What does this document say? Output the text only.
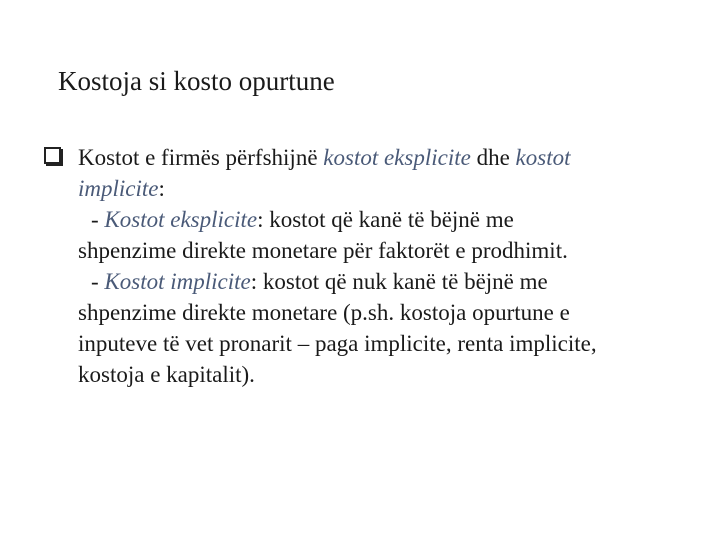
Kostoja si kosto opurtune
Kostot e firmës përfshijnë kostot eksplicite dhe kostot
implicite:
- Kostot eksplicite: kostot që kanë të bëjnë me
shpenzime direkte monetare për faktorët e prodhimit.
- Kostot implicite: kostot që nuk kanë të bëjnë me
shpenzime direkte monetare (p.sh. kostoja opurtune e
inputeve të vet pronarit – paga implicite, renta implicite,
kostoja e kapitalit).
